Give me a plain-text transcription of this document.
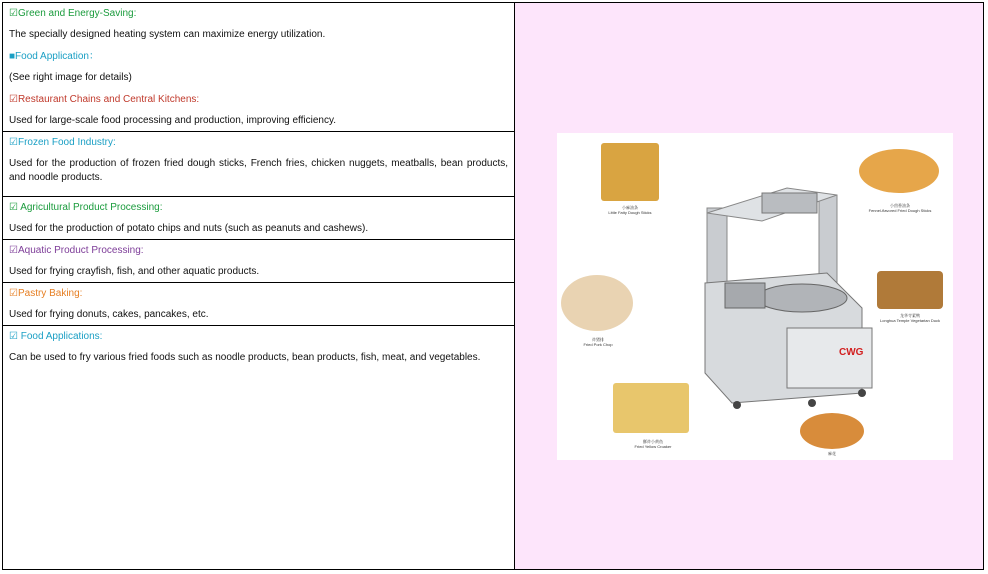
☑Green and Energy-Saving:
The specially designed heating system can maximize energy utilization.
■Food Application：
(See right image for details)
☑Restaurant Chains and Central Kitchens:
Used for large-scale food processing and production, improving efficiency.
☑Frozen Food Industry:
Used for the production of frozen fried dough sticks, French fries, chicken nuggets, meatballs, bean products, and noodle products.
☑ Agricultural Product Processing:
Used for the production of potato chips and nuts (such as peanuts and cashews).
☑Aquatic Product Processing:
Used for frying crayfish, fish, and other aquatic products.
☑Pastry Baking:
Used for frying donuts, cakes, pancakes, etc.
☑ Food Applications:
Can be used to fry various fried foods such as noodle products, bean products, fish, meat, and vegetables.	CWG
小麻油条
Little Fatty Dough Sticks
小茴香油条
Fennel-flavored Fried Dough Sticks
炸猪排
Fried Pork Chop
龙华寺素鸭
Longhua Temple Vegetarian Duck
酥炸小黄鱼
Fried Yellow Croaker
麻花
